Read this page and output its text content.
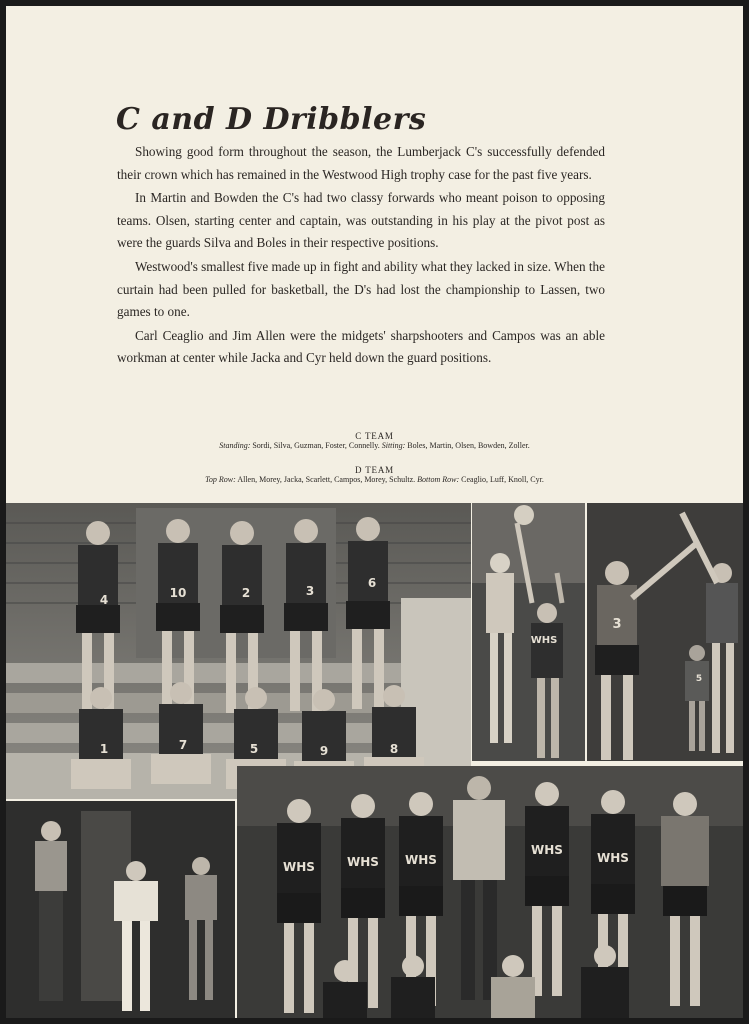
C and D Dribblers

Showing good form throughout the season, the Lumberjack C's successfully defended their crown which has remained in the Westwood High trophy case for the past five years.

In Martin and Bowden the C's had two classy forwards who meant poison to opposing teams. Olsen, starting center and captain, was outstanding in his play at the pivot post as were the guards Silva and Boles in their respective positions.

Westwood's smallest five made up in fight and ability what they lacked in size. When the curtain had been pulled for basketball, the D's had lost the championship to Lassen, two games to one.

Carl Ceaglio and Jim Allen were the midgets' sharpshooters and Campos was an able workman at center while Jacka and Cyr held down the guard positions.

C TEAM
Standing: Sordi, Silva, Guzman, Foster, Connelly. Sitting: Boles, Martin, Olsen, Bowden, Zoller.
D TEAM
Top Row: Allen, Morey, Jacka, Scarlett, Campos, Morey, Schultz. Bottom Row: Ceaglio, Luff, Knoll, Cyr.
4	10	2	3
6
1	7	5	9	8
WHS
3
5
WHS	WHS WHS
WHS
WHS
